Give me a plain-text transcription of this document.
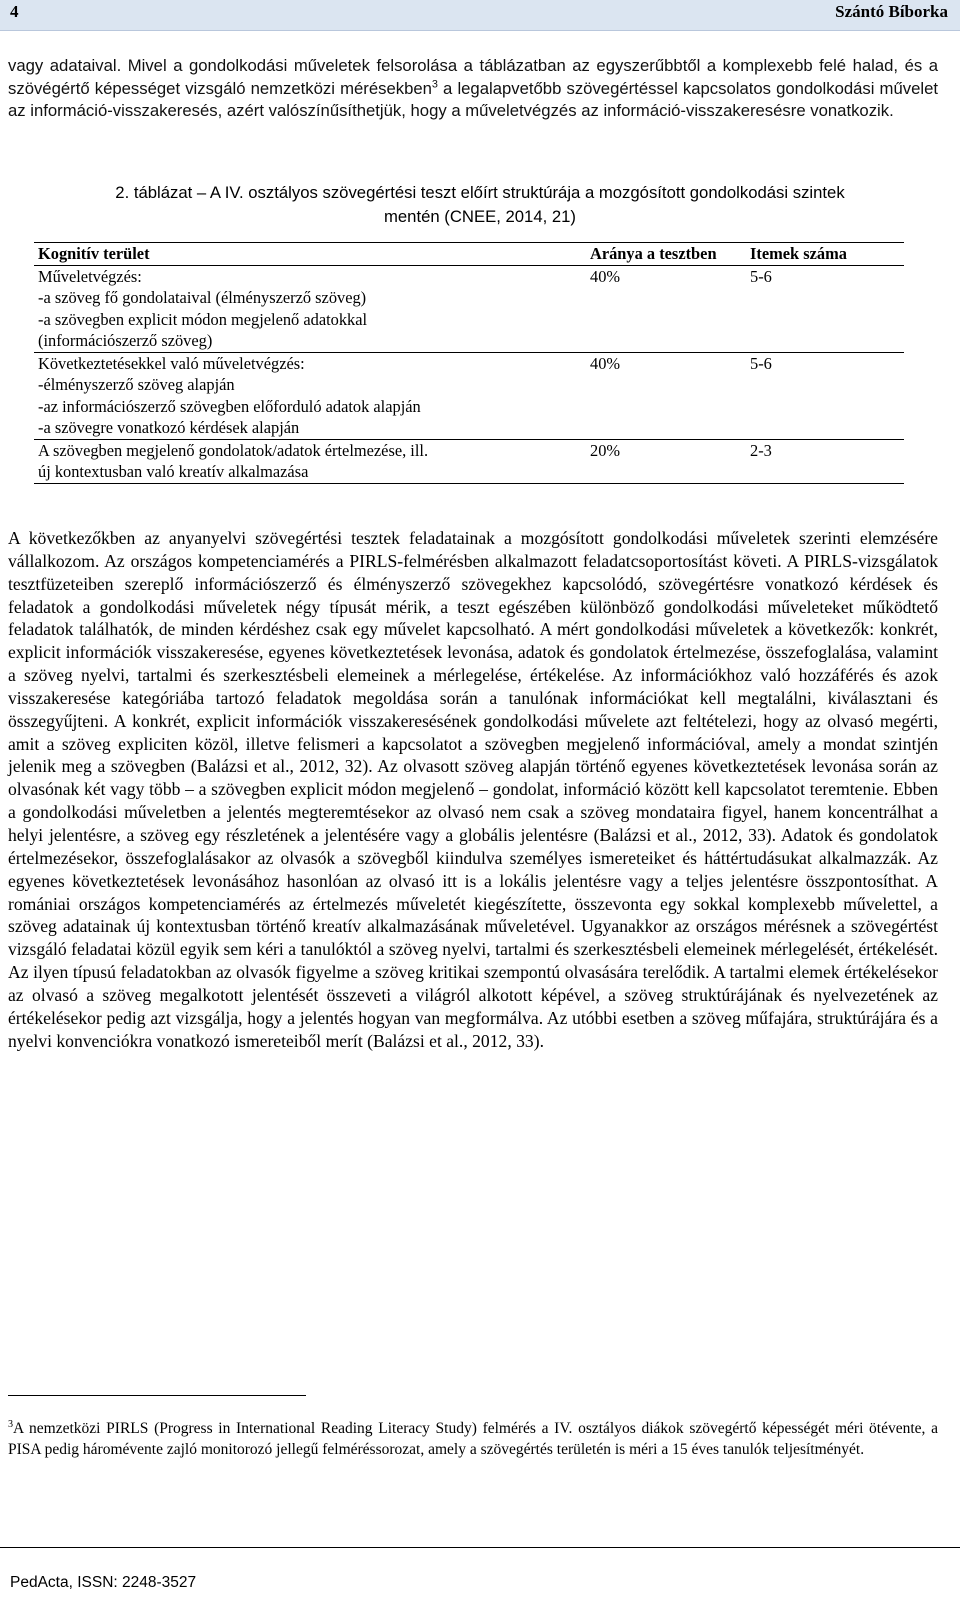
4	Szántó Bíborka

vagy adataival. Mivel a gondolkodási műveletek felsorolása a táblázatban az egyszerűbbtől a komplexebb felé halad, és a szövégértő képességet vizsgáló nemzetközi mérésekben$^3$ a legalapvetőbb szövegértéssel kapcsolatos gondolkodási művelet az információ-visszakeresés, azért valószínűsíthetjük, hogy a műveletvégzés az információ-visszakeresésre vonatkozik.

2. táblázat – A IV. osztályos szövegértési teszt előírt struktúrája a mozgósított gondolkodási szintek
mentén (CNEE, 2014, 21)
Kognitív terület	Aránya a tesztben	Itemek száma

Műveletvégzés:
-a szöveg fő gondolataival (élményszerző szöveg)
-a szövegben explicit módon megjelenő adatokkal
(információszerző szöveg)	40%	5-6

Következtetésekkel való műveletvégzés:
-élményszerző szöveg alapján
-az információszerző szövegben előforduló adatok alapján
-a szövegre vonatkozó kérdések alapján	40%	5-6

A szövegben megjelenő gondolatok/adatok értelmezése, ill.
új kontextusban való kreatív alkalmazása	20%	2-3

A következőkben az anyanyelvi szövegértési tesztek feladatainak a mozgósított gondolkodási műveletek szerinti elemzésére vállalkozom. Az országos kompetenciamérés a PIRLS-felmérésben alkalmazott feladatcsoportosítást követi. A PIRLS-vizsgálatok tesztfüzeteiben szereplő információszerző és élményszerző szövegekhez kapcsolódó, szövegértésre vonatkozó kérdések és feladatok a gondolkodási műveletek négy típusát mérik, a teszt egészében különböző gondolkodási műveleteket működtető feladatok találhatók, de minden kérdéshez csak egy művelet kapcsolható. A mért gondolkodási műveletek a következők: konkrét, explicit információk visszakeresése, egyenes következtetések levonása, adatok és gondolatok értelmezése, összefoglalása, valamint a szöveg nyelvi, tartalmi és szerkesztésbeli elemeinek a mérlegelése, értékelése. Az információkhoz való hozzáférés és azok visszakeresése kategóriába tartozó feladatok megoldása során a tanulónak információkat kell megtalálni, kiválasztani és összegyűjteni. A konkrét, explicit információk visszakeresésének gondolkodási művelete azt feltételezi, hogy az olvasó megérti, amit a szöveg expliciten közöl, illetve felismeri a kapcsolatot a szövegben megjelenő információval, amely a mondat szintjén jelenik meg a szövegben (Balázsi et al., 2012, 32). Az olvasott szöveg alapján történő egyenes következtetések levonása során az olvasónak két vagy több – a szövegben explicit módon megjelenő – gondolat, információ között kell kapcsolatot teremtenie. Ebben a gondolkodási műveletben a jelentés megteremtésekor az olvasó nem csak a szöveg mondataira figyel, hanem koncentrálhat a helyi jelentésre, a szöveg egy részletének a jelentésére vagy a globális jelentésre (Balázsi et al., 2012, 33). Adatok és gondolatok értelmezésekor, összefoglalásakor az olvasók a szövegből kiindulva személyes ismereteiket és háttértudásukat alkalmazzák. Az egyenes következtetések levonásához hasonlóan az olvasó itt is a lokális jelentésre vagy a teljes jelentésre összpontosíthat. A romániai országos kompetenciamérés az értelmezés műveletét kiegészítette, összevonta egy sokkal komplexebb művelettel, a szöveg adatainak új kontextusban történő kreatív alkalmazásának műveletével. Ugyanakkor az országos mérésnek a szövegértést vizsgáló feladatai közül egyik sem kéri a tanulóktól a szöveg nyelvi, tartalmi és szerkesztésbeli elemeinek mérlegelését, értékelését. Az ilyen típusú feladatokban az olvasók figyelme a szöveg kritikai szempontú olvasására terelődik. A tartalmi elemek értékelésekor az olvasó a szöveg megalkotott jelentését összeveti a világról alkotott képével, a szöveg struktúrájának és nyelvezetének az értékelésekor pedig azt vizsgálja, hogy a jelentés hogyan van megformálva. Az utóbbi esetben a szöveg műfajára, struktúrájára és a nyelvi konvenciókra vonatkozó ismereteiből merít (Balázsi et al., 2012, 33).

$^3$A nemzetközi PIRLS (Progress in International Reading Literacy Study) felmérés a IV. osztályos diákok szövegértő képességét méri ötévente, a PISA pedig háromévente zajló monitorozó jellegű felméréssorozat, amely a szövegértés területén is méri a 15 éves tanulók teljesítményét.

PedActa, ISSN: 2248-3527
